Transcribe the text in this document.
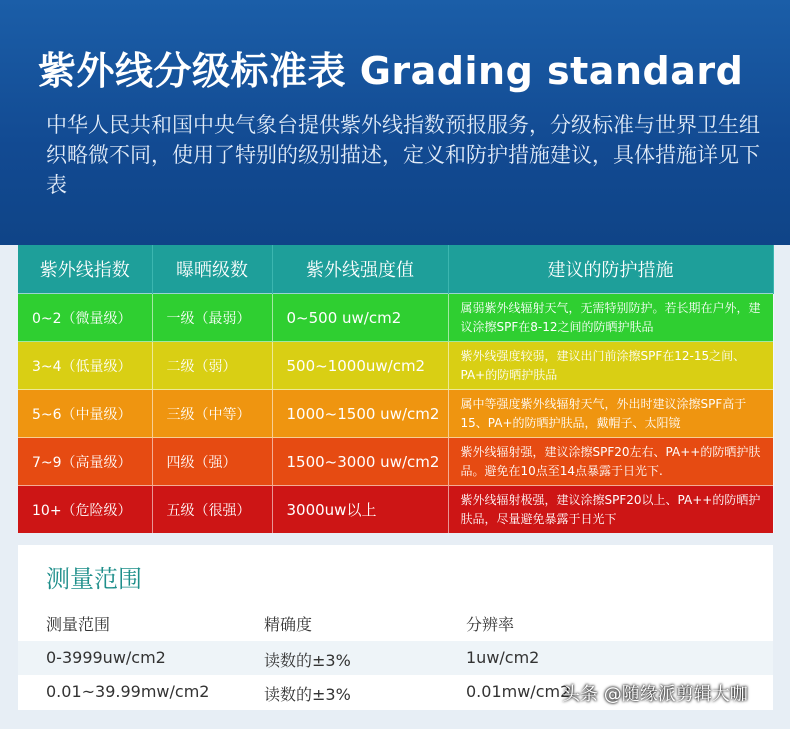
紫外线分级标准表 Grading standard
中华人民共和国中央气象台提供紫外线指数预报服务，分级标准与世界卫生组织略微不同，使用了特别的级别描述，定义和防护措施建议，具体措施详见下表
紫外线指数	曝晒级数	紫外线强度值	建议的防护措施
0~2（微量级）	一级（最弱）	0~500 uw/cm2	属弱紫外线辐射天气，无需特别防护。若长期在户外，建议涂擦SPF在8-12之间的防晒护肤品
3~4（低量级）	二级（弱）	500~1000uw/cm2	紫外线强度较弱，建议出门前涂擦SPF在12-15之间、PA+的防晒护肤品
5~6（中量级）	三级（中等）	1000~1500 uw/cm2	属中等强度紫外线辐射天气，外出时建议涂擦SPF高于15、PA+的防晒护肤品，戴帽子、太阳镜
7~9（高量级）	四级（强）	1500~3000 uw/cm2	紫外线辐射强，建议涂擦SPF20左右、PA++的防晒护肤品。避免在10点至14点暴露于日光下.
10+（危险级）	五级（很强）	3000uw以上	紫外线辐射极强，建议涂擦SPF20以上、PA++的防晒护肤品，尽量避免暴露于日光下
测量范围
测量范围	精确度	分辨率
0-3999uw/cm2	读数的±3%	1uw/cm2
0.01~39.99mw/cm2	读数的±3%	0.01mw/cm2
头条 @随缘派剪辑大咖
